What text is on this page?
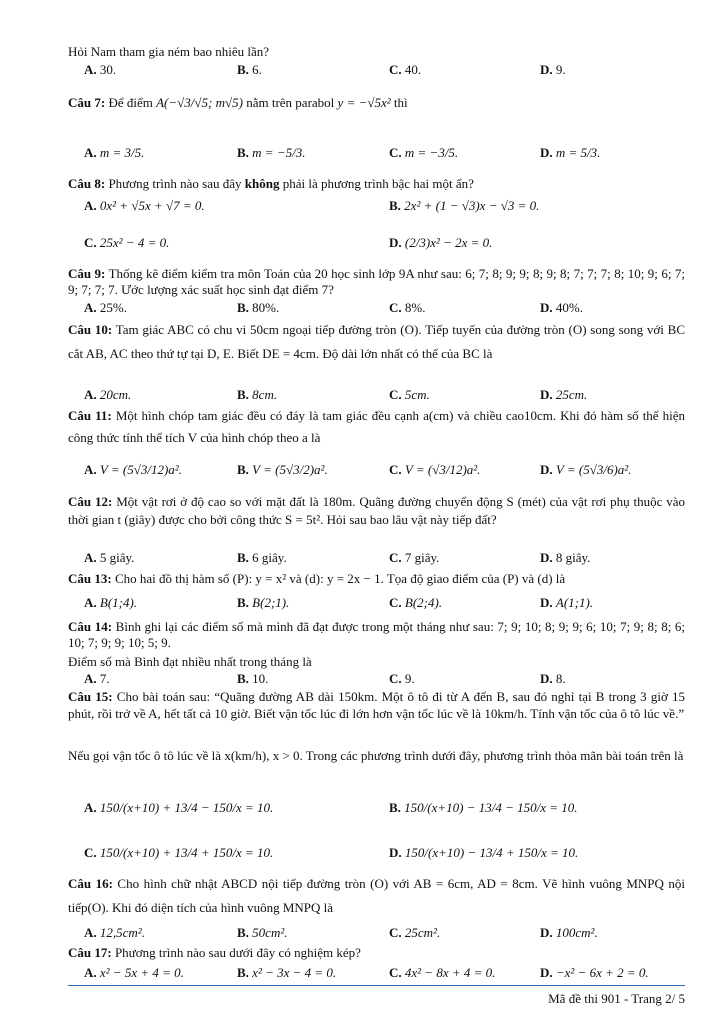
Hỏi Nam tham gia ném bao nhiêu lần?
A. 30.	B. 6.	C. 40.	D. 9.
Câu 7: Để điểm A(−√3/√5; m√5) nằm trên parabol y = −√5x² thì
A. m = 3/5.	B. m = −5/3.	C. m = −3/5.	D. m = 5/3.
Câu 8: Phương trình nào sau đây không phải là phương trình bậc hai một ẩn?
A. 0x² + √5x + √7 = 0.	B. 2x² + (1 − √3)x − √3 = 0.
C. 25x² − 4 = 0.	D. (2/3)x² − 2x = 0.
Câu 9: Thống kê điểm kiểm tra môn Toán của 20 học sinh lớp 9A như sau: 6; 7; 8; 9; 9; 8; 9; 8; 7; 7; 7; 8; 10; 9; 6; 7; 9; 7; 7; 7. Ước lượng xác suất học sinh đạt điểm 7?
A. 25%.	B. 80%.	C. 8%.	D. 40%.
Câu 10: Tam giác ABC có chu vi 50cm ngoại tiếp đường tròn (O). Tiếp tuyến của đường tròn (O) song song với BC cắt AB, AC theo thứ tự tại D, E. Biết DE = 4cm. Độ dài lớn nhất có thể của BC là
A. 20cm.	B. 8cm.	C. 5cm.	D. 25cm.
Câu 11: Một hình chóp tam giác đều có đáy là tam giác đều cạnh a(cm) và chiều cao10cm. Khi đó hàm số thể hiện công thức tính thể tích V của hình chóp theo a là
A. V = (5√3/12)a².	B. V = (5√3/2)a².	C. V = (√3/12)a².	D. V = (5√3/6)a².
Câu 12: Một vật rơi ở độ cao so với mặt đất là 180m. Quãng đường chuyển động S (mét) của vật rơi phụ thuộc vào thời gian t (giây) được cho bởi công thức S = 5t². Hỏi sau bao lâu vật này tiếp đất?
A. 5 giây.	B. 6 giây.	C. 7 giây.	D. 8 giây.
Câu 13: Cho hai đồ thị hàm số (P): y = x² và (d): y = 2x − 1. Tọa độ giao điểm của (P) và (d) là
A. B(1;4).	B. B(2;1).	C. B(2;4).	D. A(1;1).
Câu 14: Bình ghi lại các điểm số mà mình đã đạt được trong một tháng như sau: 7; 9; 10; 8; 9; 9; 6; 10; 7; 9; 8; 8; 6; 10; 7; 9; 9; 10; 5; 9.
Điểm số mà Bình đạt nhiều nhất trong tháng là
A. 7.	B. 10.	C. 9.	D. 8.
Câu 15: Cho bài toán sau: “Quãng đường AB dài 150km. Một ô tô đi từ A đến B, sau đó nghỉ tại B trong 3 giờ 15 phút, rồi trở về A, hết tất cả 10 giờ. Biết vận tốc lúc đi lớn hơn vận tốc lúc về là 10km/h. Tính vận tốc của ô tô lúc về.”
Nếu gọi vận tốc ô tô lúc về là x(km/h), x > 0. Trong các phương trình dưới đây, phương trình thỏa mãn bài toán trên là
A. 150/(x+10) + 13/4 − 150/x = 10.	B. 150/(x+10) − 13/4 − 150/x = 10.
C. 150/(x+10) + 13/4 + 150/x = 10.	D. 150/(x+10) − 13/4 + 150/x = 10.
Câu 16: Cho hình chữ nhật ABCD nội tiếp đường tròn (O) với AB = 6cm, AD = 8cm. Vẽ hình vuông MNPQ nội tiếp(O). Khi đó diện tích của hình vuông MNPQ là
A. 12,5cm².	B. 50cm².	C. 25cm².	D. 100cm².
Câu 17: Phương trình nào sau dưới đây có nghiệm kép?
A. x² − 5x + 4 = 0.	B. x² − 3x − 4 = 0.	C. 4x² − 8x + 4 = 0.	D. −x² − 6x + 2 = 0.
Mã đề thi 901 - Trang 2/ 5
